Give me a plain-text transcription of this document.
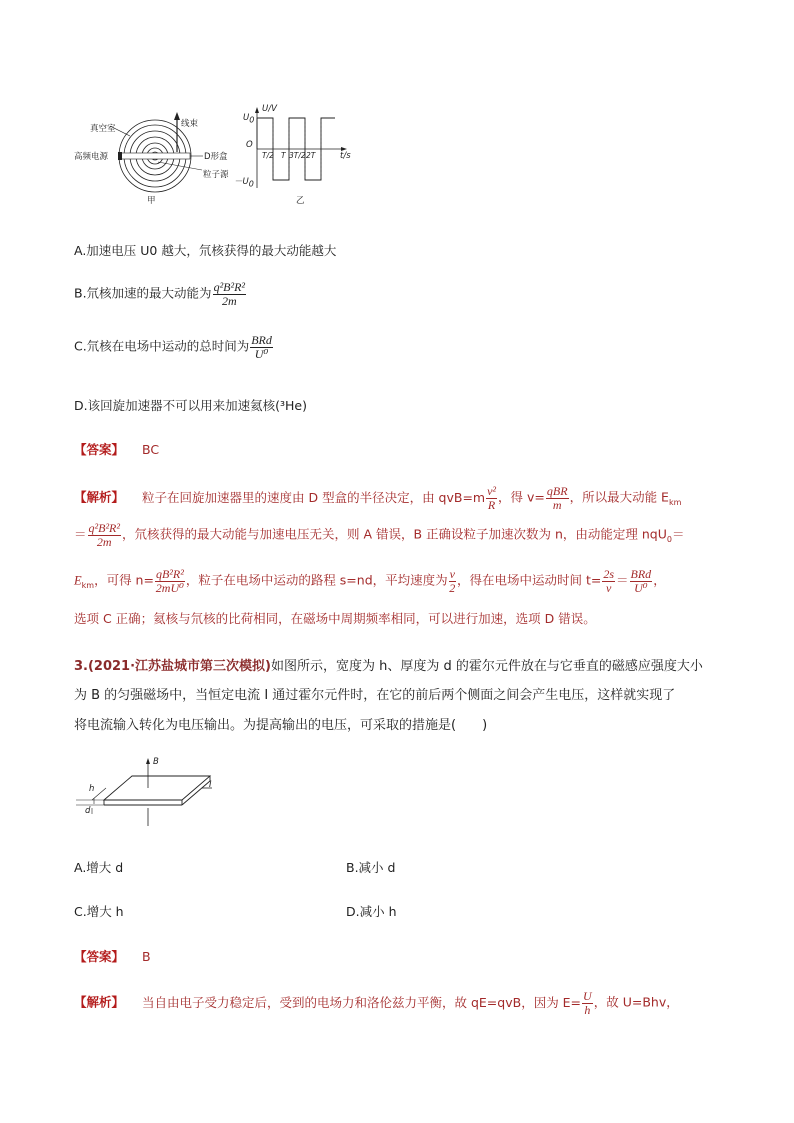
真空室
高频电源
线束
D形盒
粒子源
甲
U/V
t/s
$U_0$
$-U_0$
O
T/2 T 3T/2 2T
乙
A.加速电压 U0 越大，氘核获得的最大动能越大
B.氘核加速的最大动能为 $\frac{\text{q²B²R²}}{2m}$
C.氘核在电场中运动的总时间为 $\frac{\text{BRd}}{\text{U⁰}}$
D.该回旋加速器不可以用来加速氦核(³He)
【答案】 BC
【解析】 粒子在回旋加速器里的速度由 D 型盒的半径决定，由 $qvB=m \frac{\text{v²}}{R}$ ，得 $v= \frac{\text{qBR}}{m}$ ，所以最大动能 $E_{km}$
＝ $\frac{\text{q²B²R²}}{2m}$ ，氘核获得的最大动能与加速电压无关，则 A 错误，B 正确设粒子加速次数为 n，由动能定理 nqU$_0$＝
$E_{km}$，可得 $n= \frac{\text{qB²R²}}{\text{2mU⁰}}$ ，粒子在电场中运动的路程 s=nd，平均速度为 $\frac{v}{2}$ ，得在电场中运动时间 $t= \frac{2s}{v} = \frac{\text{BRd}}{\text{U⁰}}$ ，
选项 C 正确；氦核与氘核的比荷相同，在磁场中周期频率相同，可以进行加速，选项 D 错误。
3.(2021·江苏盐城市第三次模拟)如图所示，宽度为 h、厚度为 d 的霍尔元件放在与它垂直的磁感应强度大小
为 B 的匀强磁场中，当恒定电流 I 通过霍尔元件时，在它的前后两个侧面之间会产生电压，这样就实现了
将电流输入转化为电压输出。为提高输出的电压，可采取的措施是(　　)
B
I
h
d
A.增大 d	B.减小 d
C.增大 h	D.减小 h
【答案】 B
【解析】 当自由电子受力稳定后，受到的电场力和洛伦兹力平衡，故 qE=qvB，因为 $E= \frac{U}{h}$ ，故 U=Bhv，
